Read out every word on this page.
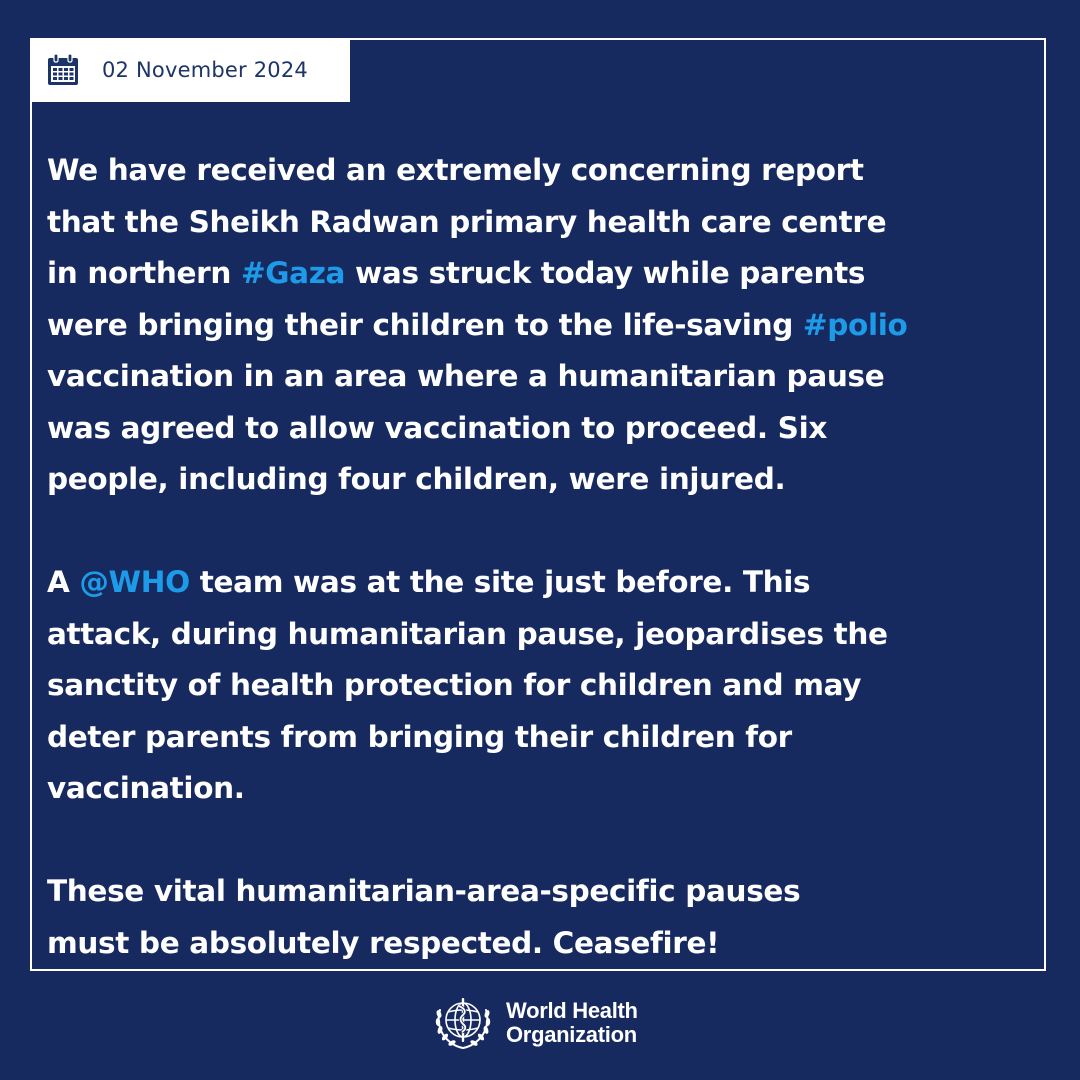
02 November 2024

We have received an extremely concerning report
that the Sheikh Radwan primary health care centre
in northern #Gaza was struck today while parents
were bringing their children to the life-saving #polio
vaccination in an area where a humanitarian pause
was agreed to allow vaccination to proceed. Six
people, including four children, were injured.

A @WHO team was at the site just before. This
attack, during humanitarian pause, jeopardises the
sanctity of health protection for children and may
deter parents from bringing their children for
vaccination.

These vital humanitarian-area-specific pauses
must be absolutely respected. Ceasefire!

World Health
Organization
